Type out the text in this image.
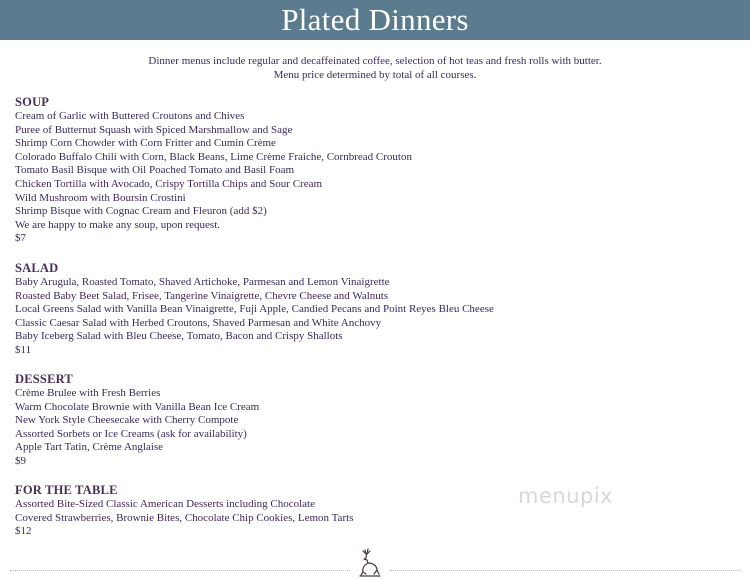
Plated Dinners
Dinner menus include regular and decaffeinated coffee, selection of hot teas and fresh rolls with butter.
Menu price determined by total of all courses.
SOUP
Cream of Garlic with Buttered Croutons and Chives
Puree of Butternut Squash with Spiced Marshmallow and Sage
Shrimp Corn Chowder with Corn Fritter and Cumin Crème
Colorado Buffalo Chili with Corn, Black Beans, Lime Crème Fraiche, Cornbread Crouton
Tomato Basil Bisque with Oil Poached Tomato and Basil Foam
Chicken Tortilla with Avocado, Crispy Tortilla Chips and Sour Cream
Wild Mushroom with Boursin Crostini
Shrimp Bisque with Cognac Cream and Fleuron (add $2)
We are happy to make any soup, upon request.
$7
SALAD
Baby Arugula, Roasted Tomato, Shaved Artichoke, Parmesan and Lemon Vinaigrette
Roasted Baby Beet Salad, Frisee, Tangerine Vinaigrette, Chevre Cheese and Walnuts
Local Greens Salad with Vanilla Bean Vinaigrette, Fuji Apple, Candied Pecans and Point Reyes Bleu Cheese
Classic Caesar Salad with Herbed Croutons, Shaved Parmesan and White Anchovy
Baby Iceberg Salad with Bleu Cheese, Tomato, Bacon and Crispy Shallots
$11
DESSERT
Crème Brulee with Fresh Berries
Warm Chocolate Brownie with Vanilla Bean Ice Cream
New York Style Cheesecake with Cherry Compote
Assorted Sorbets or Ice Creams (ask for availability)
Apple Tart Tatin, Crème Anglaise
$9
FOR THE TABLE
Assorted Bite-Sized Classic American Desserts including Chocolate
Covered Strawberries, Brownie Bites, Chocolate Chip Cookies, Lemon Tarts
$12
menupix
